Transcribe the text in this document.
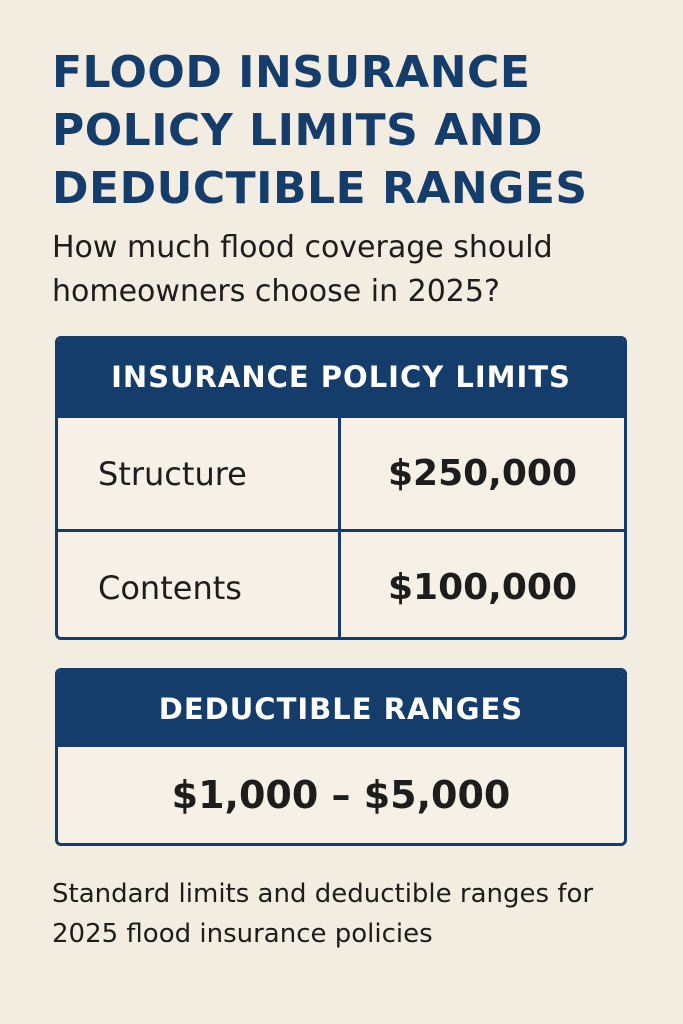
FLOOD INSURANCE POLICY LIMITS AND DEDUCTIBLE RANGES

How much flood coverage should homeowners choose in 2025?

INSURANCE POLICY LIMITS
Structure	$250,000
Contents	$100,000
DEDUCTIBLE RANGES
$1,000 – $5,000

Standard limits and deductible ranges for 2025 flood insurance policies
